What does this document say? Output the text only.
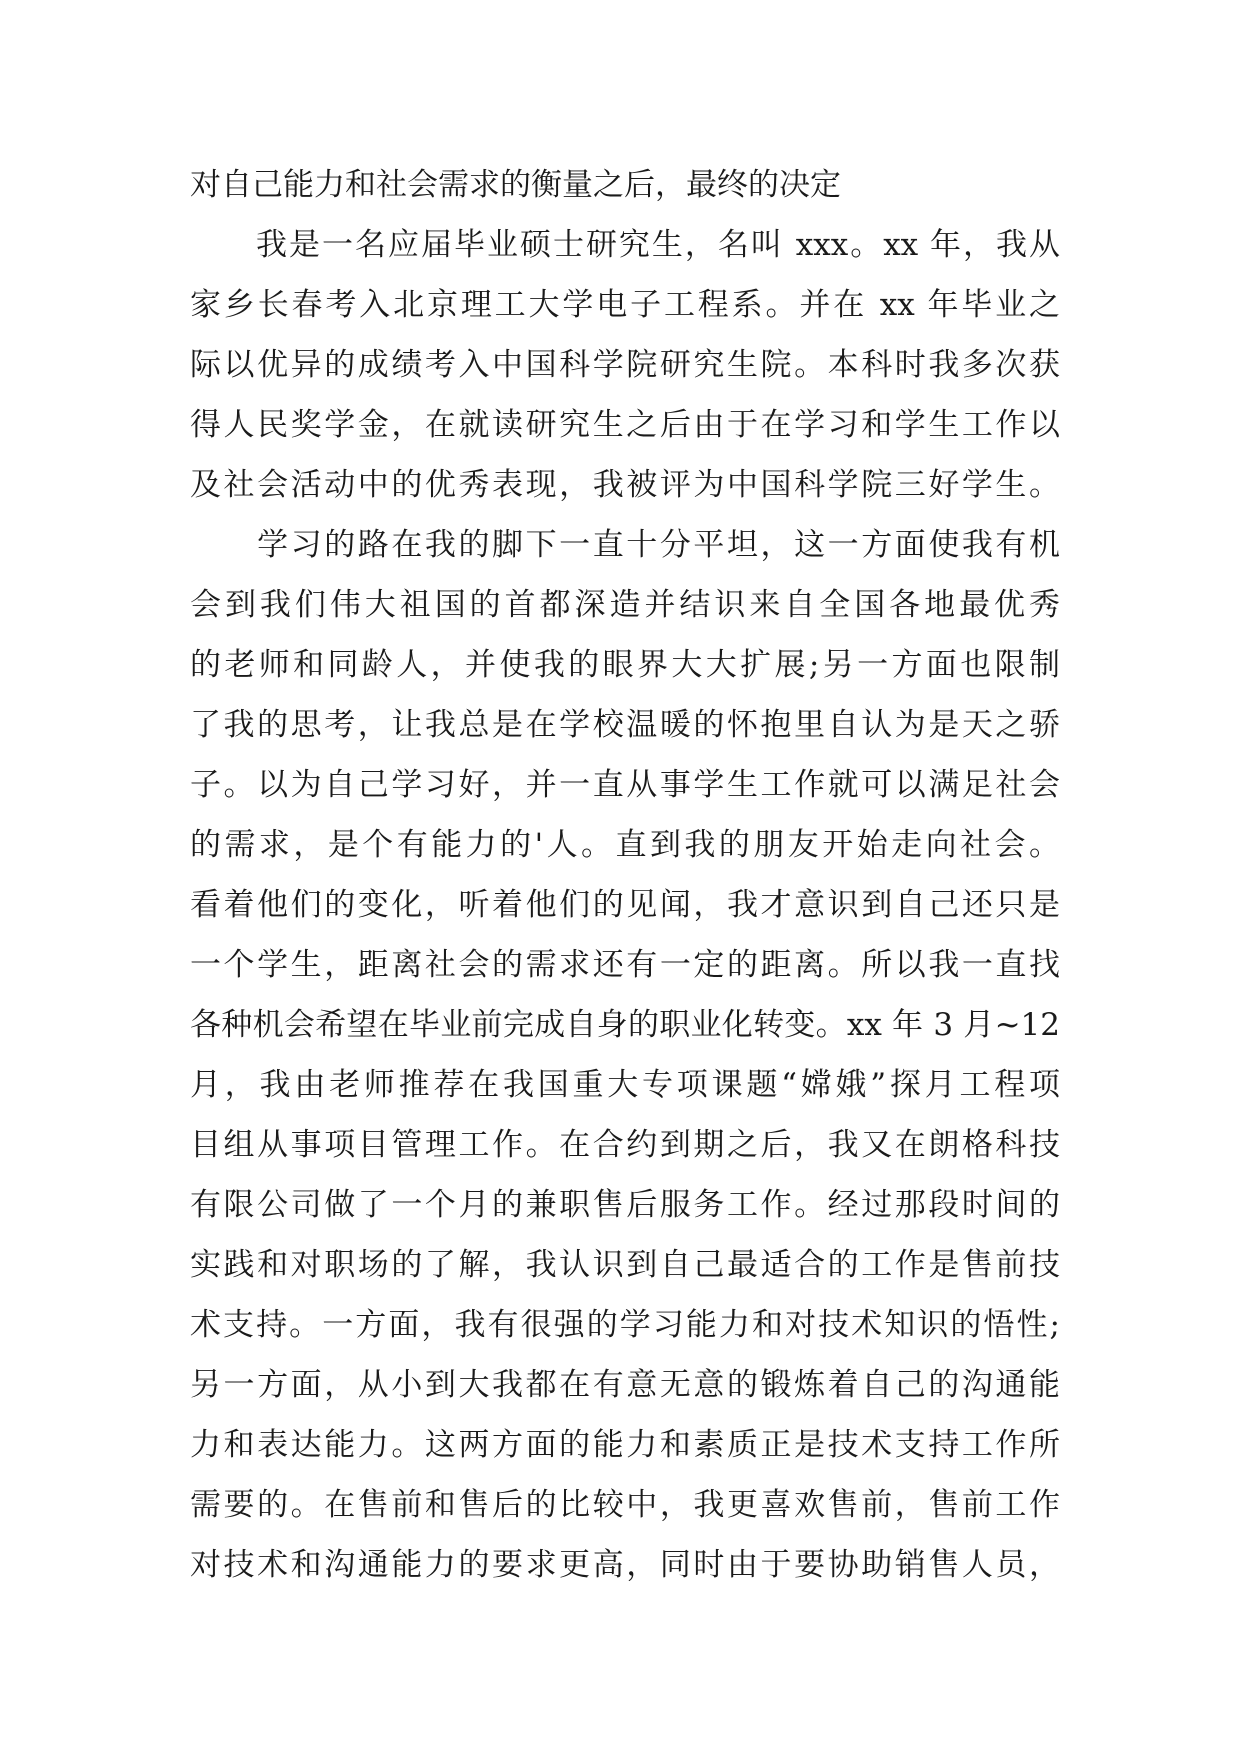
对自己能力和社会需求的衡量之后，最终的决定
　　我是一名应届毕业硕士研究生，名叫 xxx。xx 年，我从
家乡长春考入北京理工大学电子工程系。并在 xx 年毕业之
际以优异的成绩考入中国科学院研究生院。本科时我多次获
得人民奖学金，在就读研究生之后由于在学习和学生工作以
及社会活动中的优秀表现，我被评为中国科学院三好学生。
　　学习的路在我的脚下一直十分平坦，这一方面使我有机
会到我们伟大祖国的首都深造并结识来自全国各地最优秀
的老师和同龄人，并使我的眼界大大扩展;另一方面也限制
了我的思考，让我总是在学校温暖的怀抱里自认为是天之骄
子。以为自己学习好，并一直从事学生工作就可以满足社会
的需求，是个有能力的'人。直到我的朋友开始走向社会。
看着他们的变化，听着他们的见闻，我才意识到自己还只是
一个学生，距离社会的需求还有一定的距离。所以我一直找
各种机会希望在毕业前完成自身的职业化转变。xx 年 3 月~12
月，我由老师推荐在我国重大专项课题“嫦娥”探月工程项
目组从事项目管理工作。在合约到期之后，我又在朗格科技
有限公司做了一个月的兼职售后服务工作。经过那段时间的
实践和对职场的了解，我认识到自己最适合的工作是售前技
术支持。一方面，我有很强的学习能力和对技术知识的悟性;
另一方面，从小到大我都在有意无意的锻炼着自己的沟通能
力和表达能力。这两方面的能力和素质正是技术支持工作所
需要的。在售前和售后的比较中，我更喜欢售前，售前工作
对技术和沟通能力的要求更高，同时由于要协助销售人员，
